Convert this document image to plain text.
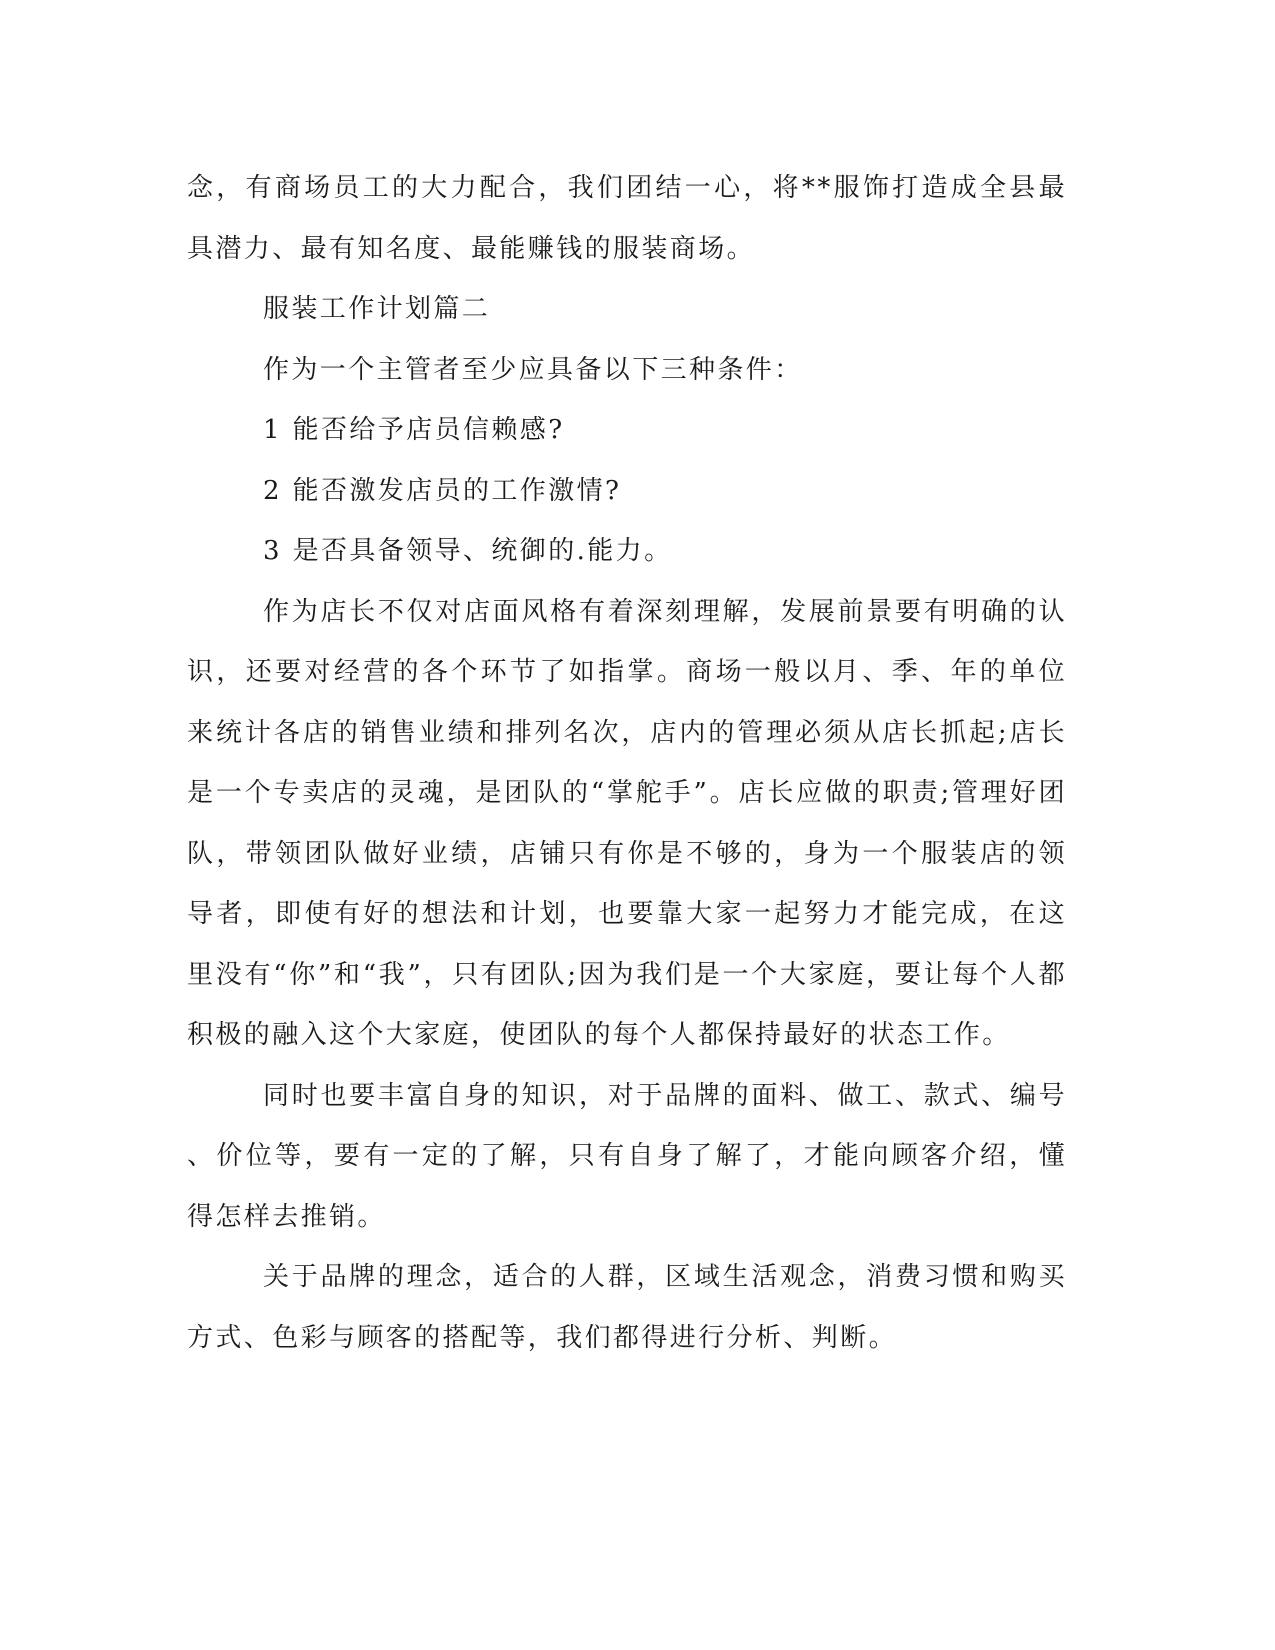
念，有商场员工的大力配合，我们团结一心，将**服饰打造成全县最
具潜力、最有知名度、最能赚钱的服装商场。
服装工作计划篇二
作为一个主管者至少应具备以下三种条件：
1 能否给予店员信赖感?
2 能否激发店员的工作激情?
3 是否具备领导、统御的.能力。
作为店长不仅对店面风格有着深刻理解，发展前景要有明确的认
识，还要对经营的各个环节了如指掌。商场一般以月、季、年的单位
来统计各店的销售业绩和排列名次，店内的管理必须从店长抓起;店长
是一个专卖店的灵魂，是团队的“掌舵手”。店长应做的职责;管理好团
队，带领团队做好业绩，店铺只有你是不够的，身为一个服装店的领
导者，即使有好的想法和计划，也要靠大家一起努力才能完成，在这
里没有“你”和“我”，只有团队;因为我们是一个大家庭，要让每个人都
积极的融入这个大家庭，使团队的每个人都保持最好的状态工作。
同时也要丰富自身的知识，对于品牌的面料、做工、款式、编号
、价位等，要有一定的了解，只有自身了解了，才能向顾客介绍，懂
得怎样去推销。
关于品牌的理念，适合的人群，区域生活观念，消费习惯和购买
方式、色彩与顾客的搭配等，我们都得进行分析、判断。
